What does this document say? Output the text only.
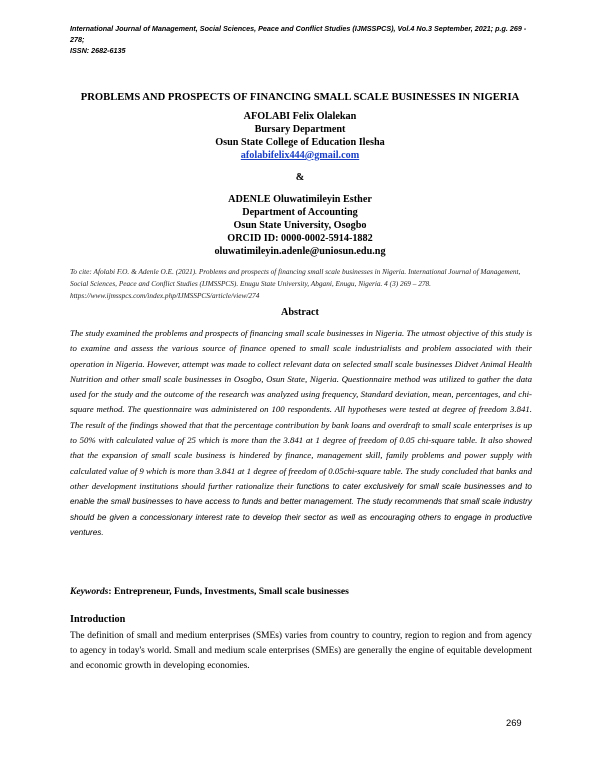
International Journal of Management, Social Sciences, Peace and Conflict Studies (IJMSSPCS), Vol.4 No.3 September, 2021; p.g. 269 - 278;
ISSN: 2682-6135
PROBLEMS AND PROSPECTS OF FINANCING SMALL SCALE BUSINESSES IN NIGERIA
AFOLABI Felix Olalekan
Bursary Department
Osun State College of Education Ilesha
afolabifelix444@gmail.com
&
ADENLE Oluwatimileyin Esther
Department of Accounting
Osun State University, Osogbo
ORCID ID: 0000-0002-5914-1882
oluwatimileyin.adenle@uniosun.edu.ng
To cite: Afolabi F.O. & Adenle O.E. (2021). Problems and prospects of financing small scale businesses in Nigeria. International Journal of Management, Social Sciences, Peace and Conflict Studies (IJMSSPCS). Enugu State University, Abgani, Enugu, Nigeria. 4 (3) 269 – 278. https://www.ijmsspcs.com/index.php/IJMSSPCS/article/view/274
Abstract
The study examined the problems and prospects of financing small scale businesses in Nigeria. The utmost objective of this study is to examine and assess the various source of finance opened to small scale industrialists and problem associated with their operation in Nigeria. However, attempt was made to collect relevant data on selected small scale businesses Didvet Animal Health Nutrition and other small scale businesses in Osogbo, Osun State, Nigeria. Questionnaire method was utilized to gather the data used for the study and the outcome of the research was analyzed using frequency, Standard deviation, mean, percentages, and chi-square method. The questionnaire was administered on 100 respondents. All hypotheses were tested at degree of freedom 3.841. The result of the findings showed that that the percentage contribution by bank loans and overdraft to small scale enterprises is up to 50% with calculated value of 25 which is more than the 3.841 at 1 degree of freedom of 0.05 chi-square table. It also showed that the expansion of small scale business is hindered by finance, management skill, family problems and power supply with calculated value of 9 which is more than 3.841 at 1 degree of freedom of 0.05chi-square table. The study concluded that banks and other development institutions should further rationalize their functions to cater exclusively for small scale businesses and to enable the small businesses to have access to funds and better management. The study recommends that small scale industry should be given a concessionary interest rate to develop their sector as well as encouraging others to engage in productive ventures.
Keywords: Entrepreneur, Funds, Investments, Small scale businesses
Introduction
The definition of small and medium enterprises (SMEs) varies from country to country, region to region and from agency to agency in today's world. Small and medium scale enterprises (SMEs) are generally the engine of equitable development and economic growth in developing economies.
269
